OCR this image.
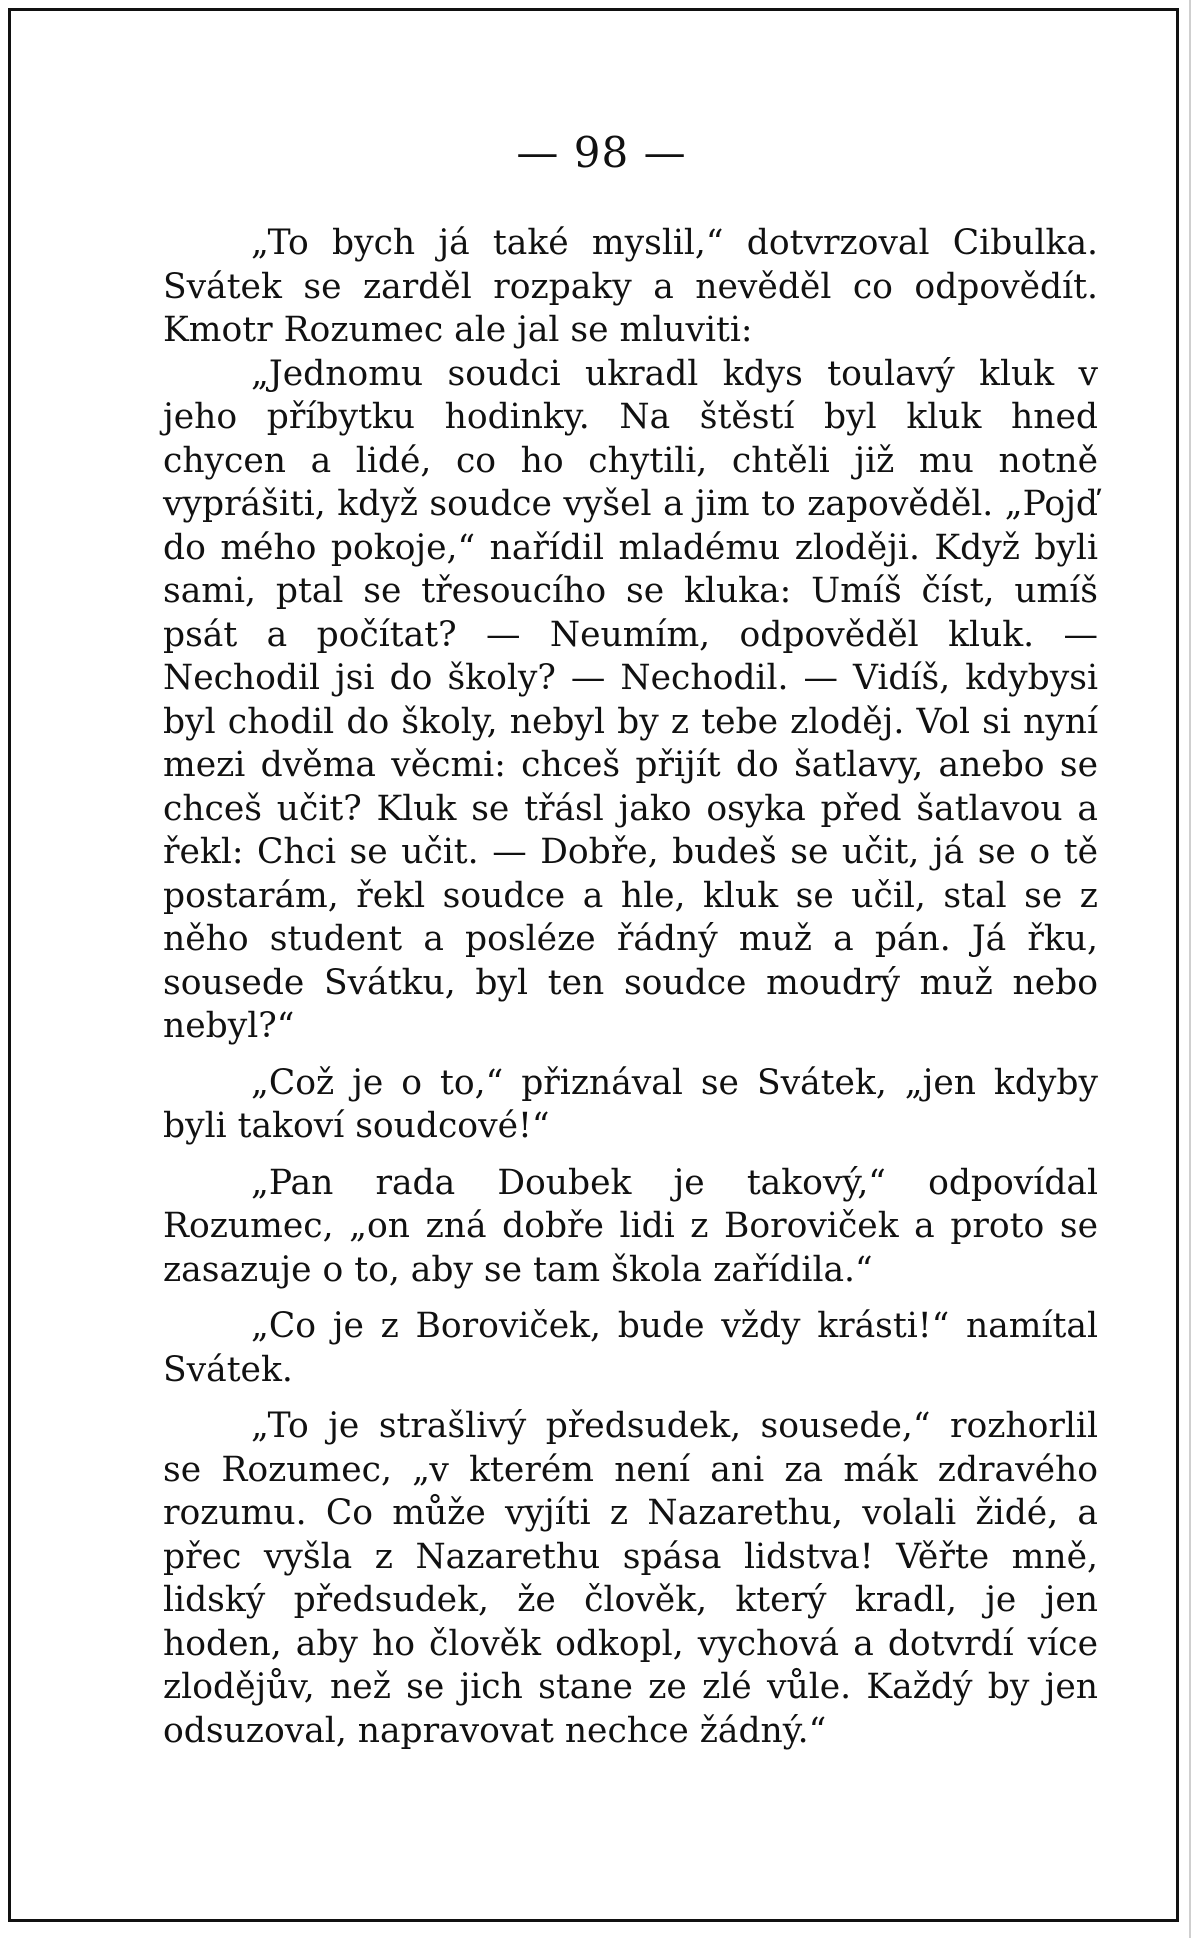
— 98 —

„To bych já také myslil,“ dotvrzoval Cibulka. Svátek se zarděl rozpaky a nevěděl co odpovědít. Kmotr Rozumec ale jal se mluviti:

„Jednomu soudci ukradl kdys toulavý kluk v jeho příbytku hodinky. Na štěstí byl kluk hned chycen a lidé, co ho chytili, chtěli již mu notně vyprášiti, když soudce vyšel a jim to zapověděl. „Pojď do mého pokoje,“ nařídil mladému zloději. Když byli sami, ptal se třesoucího se kluka: Umíš číst, umíš psát a počítat? — Neumím, odpověděl kluk. — Nechodil jsi do školy? — Nechodil. — Vidíš, kdybysi byl chodil do školy, nebyl by z tebe zloděj. Vol si nyní mezi dvěma věcmi: chceš přijít do šatlavy, anebo se chceš učit? Kluk se třásl jako osyka před šatlavou a řekl: Chci se učit. — Dobře, budeš se učit, já se o tě postarám, řekl soudce a hle, kluk se učil, stal se z něho student a posléze řádný muž a pán. Já řku, sousede Svátku, byl ten soudce moudrý muž nebo nebyl?“

„Což je o to,“ přiznával se Svátek, „jen kdyby byli takoví soudcové!“

„Pan rada Doubek je takový,“ odpovídal Rozumec, „on zná dobře lidi z Boroviček a proto se zasazuje o to, aby se tam škola zařídila.“

„Co je z Boroviček, bude vždy krásti!“ namítal Svátek.

„To je strašlivý předsudek, sousede,“ rozhorlil se Rozumec, „v kterém není ani za mák zdravého rozumu. Co může vyjíti z Nazarethu, volali židé, a přec vyšla z Nazarethu spása lidstva! Věřte mně, lidský předsudek, že člověk, který kradl, je jen hoden, aby ho člověk odkopl, vychová a dotvrdí více zlodějův, než se jich stane ze zlé vůle. Každý by jen odsuzoval, napravovat nechce žádný.“
